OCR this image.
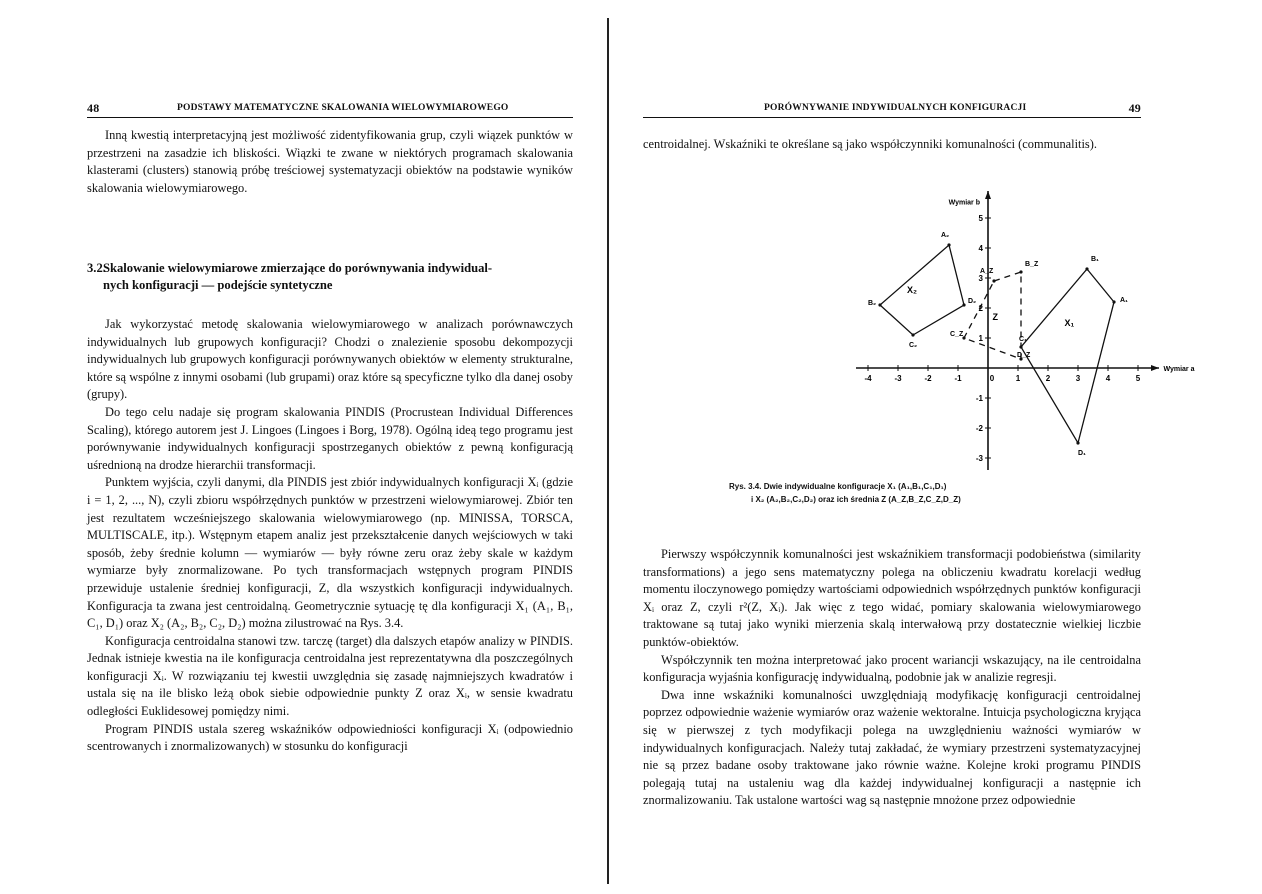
48	PODSTAWY MATEMATYCZNE SKALOWANIA WIELOWYMIAROWEGO

Inną kwestią interpretacyjną jest możliwość zidentyfikowania grup, czyli wiązek punktów w przestrzeni na zasadzie ich bliskości. Wiązki te zwane w niektórych programach skalowania klasterami (clusters) stanowią próbę treściowej systematyzacji obiektów na podstawie wyników skalowania wielowymiarowego.

3.2.Skalowanie wielowymiarowe zmierzające do porównywania indywidual-
nych konfiguracji — podejście syntetyczne

Jak wykorzystać metodę skalowania wielowymiarowego w analizach porównawczych indywidualnych lub grupowych konfiguracji? Chodzi o znalezienie sposobu dekompozycji indywidualnych lub grupowych konfiguracji porównywanych obiektów w elementy strukturalne, które są wspólne z innymi osobami (lub grupami) oraz które są specyficzne tylko dla danej osoby (grupy).

Do tego celu nadaje się program skalowania PINDIS (Procrustean Individual Differences Scaling), którego autorem jest J. Lingoes (Lingoes i Borg, 1978). Ogólną ideą tego programu jest porównywanie indywidualnych konfiguracji spostrzeganych obiektów z pewną konfiguracją uśrednioną na drodze hierarchii transformacji.

Punktem wyjścia, czyli danymi, dla PINDIS jest zbiór indywidualnych konfiguracji Xᵢ (gdzie i = 1, 2, ..., N), czyli zbioru współrzędnych punktów w przestrzeni wielowymiarowej. Zbiór ten jest rezultatem wcześniejszego skalowania wielowymiarowego (np. MINISSA, TORSCA, MULTISCALE, itp.). Wstępnym etapem analiz jest przekształcenie danych wejściowych w taki sposób, żeby średnie kolumn — wymiarów — były równe zeru oraz żeby skale w każdym wymiarze były znormalizowane. Po tych transformacjach wstępnych program PINDIS przewiduje ustalenie średniej konfiguracji, Z, dla wszystkich konfiguracji indywidualnych. Konfiguracja ta zwana jest centroidalną. Geometrycznie sytuację tę dla konfiguracji X₁ (A₁, B₁, C₁, D₁) oraz X₂ (A₂, B₂, C₂, D₂) można zilustrować na Rys. 3.4.

Konfiguracja centroidalna stanowi tzw. tarczę (target) dla dalszych etapów analizy w PINDIS. Jednak istnieje kwestia na ile konfiguracja centroidalna jest reprezentatywna dla poszczególnych konfiguracji Xᵢ. W rozwiązaniu tej kwestii uwzględnia się zasadę najmniejszych kwadratów i ustala się na ile blisko leżą obok siebie odpowiednie punkty Z oraz Xᵢ, w sensie kwadratu odległości Euklidesowej pomiędzy nimi.

Program PINDIS ustala szereg wskaźników odpowiedniości konfiguracji Xᵢ (odpowiednio scentrowanych i znormalizowanych) w stosunku do konfiguracji

PORÓWNYWANIE INDYWIDUALNYCH KONFIGURACJI	49

centroidalnej. Wskaźniki te określane są jako współczynniki komunalności (communalitis).

-4	-3	-2	-1	0	1	2	3	4	5
5
4
3
2
1
-1
-2
-3
Wymiar b
Wymiar a
A₁
B₁
C₁
D₁
A₂
B₂
C₂
D₂
A_Z
B_Z
C_Z
D_Z
X₁
X₂
Z
Rys. 3.4. Dwie indywidualne konfiguracje X₁ (A₁,B₁,C₁,D₁)
i X₂ (A₂,B₂,C₂,D₂) oraz ich średnia Z (A_Z,B_Z,C_Z,D_Z)

Pierwszy współczynnik komunalności jest wskaźnikiem transformacji podobieństwa (similarity transformations) a jego sens matematyczny polega na obliczeniu kwadratu korelacji według momentu iloczynowego pomiędzy wartościami odpowiednich współrzędnych punktów konfiguracji Xᵢ oraz Z, czyli r²(Z, Xᵢ). Jak więc z tego widać, pomiary skalowania wielowymiarowego traktowane są tutaj jako wyniki mierzenia skalą interwałową przy dostatecznie wielkiej liczbie punktów-obiektów.

Współczynnik ten można interpretować jako procent wariancji wskazujący, na ile centroidalna konfiguracja wyjaśnia konfigurację indywidualną, podobnie jak w analizie regresji.

Dwa inne wskaźniki komunalności uwzględniają modyfikację konfiguracji centroidalnej poprzez odpowiednie ważenie wymiarów oraz ważenie wektoralne. Intuicja psychologiczna kryjąca się w pierwszej z tych modyfikacji polega na uwzględnieniu ważności wymiarów w indywidualnych konfiguracjach. Należy tutaj zakładać, że wymiary przestrzeni systematyzacyjnej nie są przez badane osoby traktowane jako równie ważne. Kolejne kroki programu PINDIS polegają tutaj na ustaleniu wag dla każdej indywidualnej konfiguracji a następnie ich znormalizowaniu. Tak ustalone wartości wag są następnie mnożone przez odpowiednie
